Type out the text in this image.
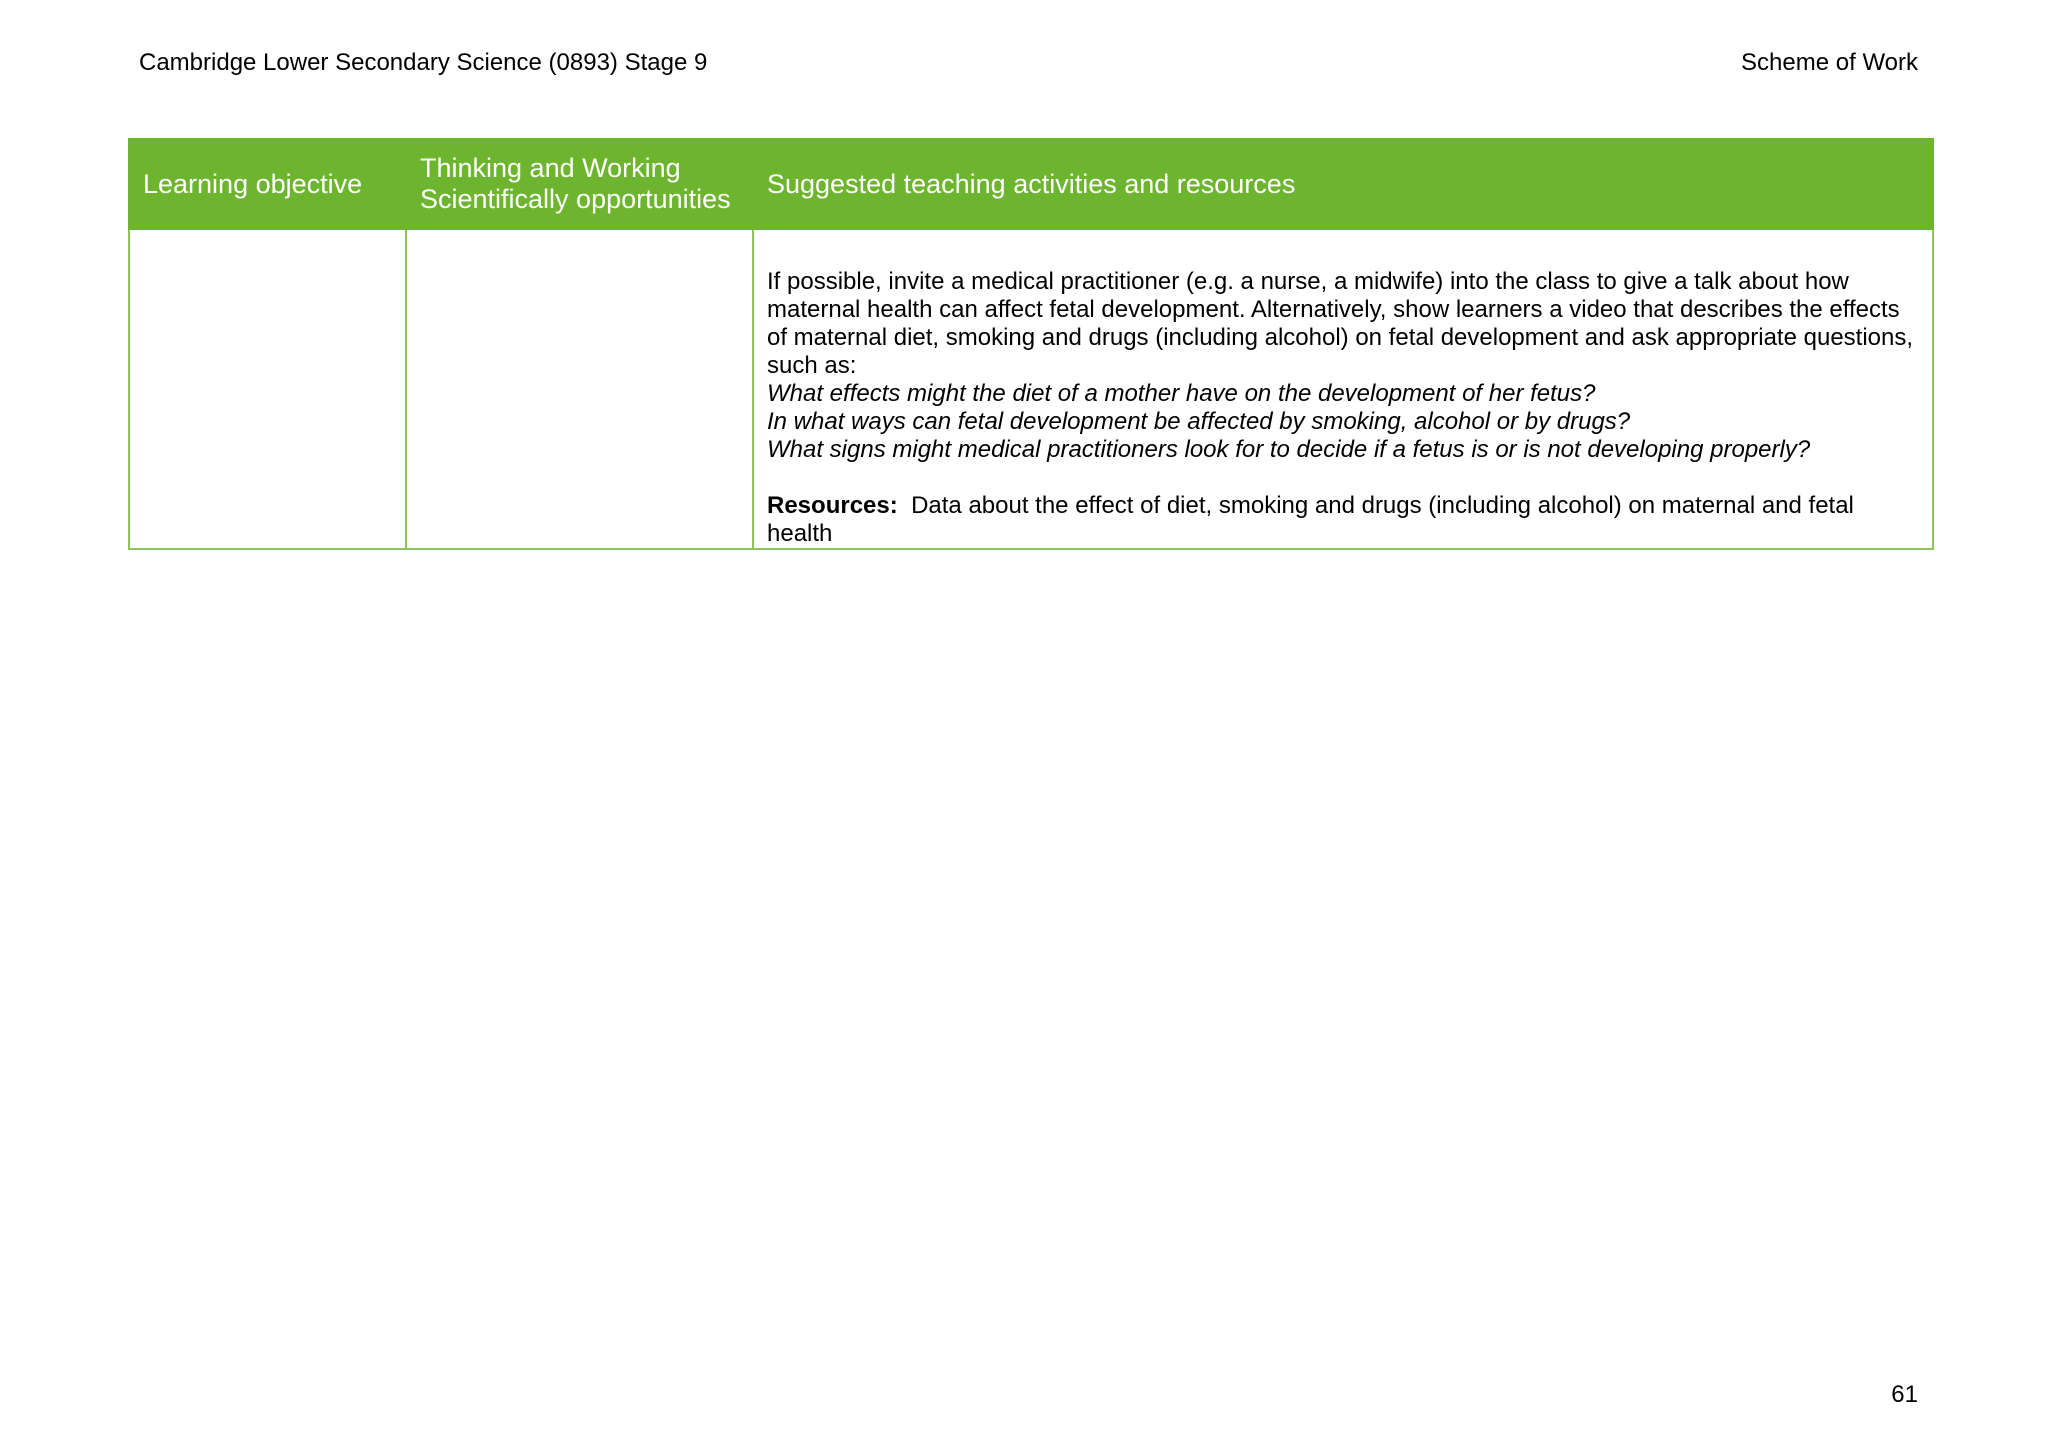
Cambridge Lower Secondary Science (0893) Stage 9	Scheme of Work
Learning objective	Thinking and Working Scientifically opportunities	Suggested teaching activities and resources

		If possible, invite a medical practitioner (e.g. a nurse, a midwife) into the class to give a talk about how maternal health can affect fetal development. Alternatively, show learners a video that describes the effects of maternal diet, smoking and drugs (including alcohol) on fetal development and ask appropriate questions, such as:

What effects might the diet of a mother have on the development of her fetus?

In what ways can fetal development be affected by smoking, alcohol or by drugs?

What signs might medical practitioners look for to decide if a fetus is or is not developing properly?

Resources: Data about the effect of diet, smoking and drugs (including alcohol) on maternal and fetal health

61
